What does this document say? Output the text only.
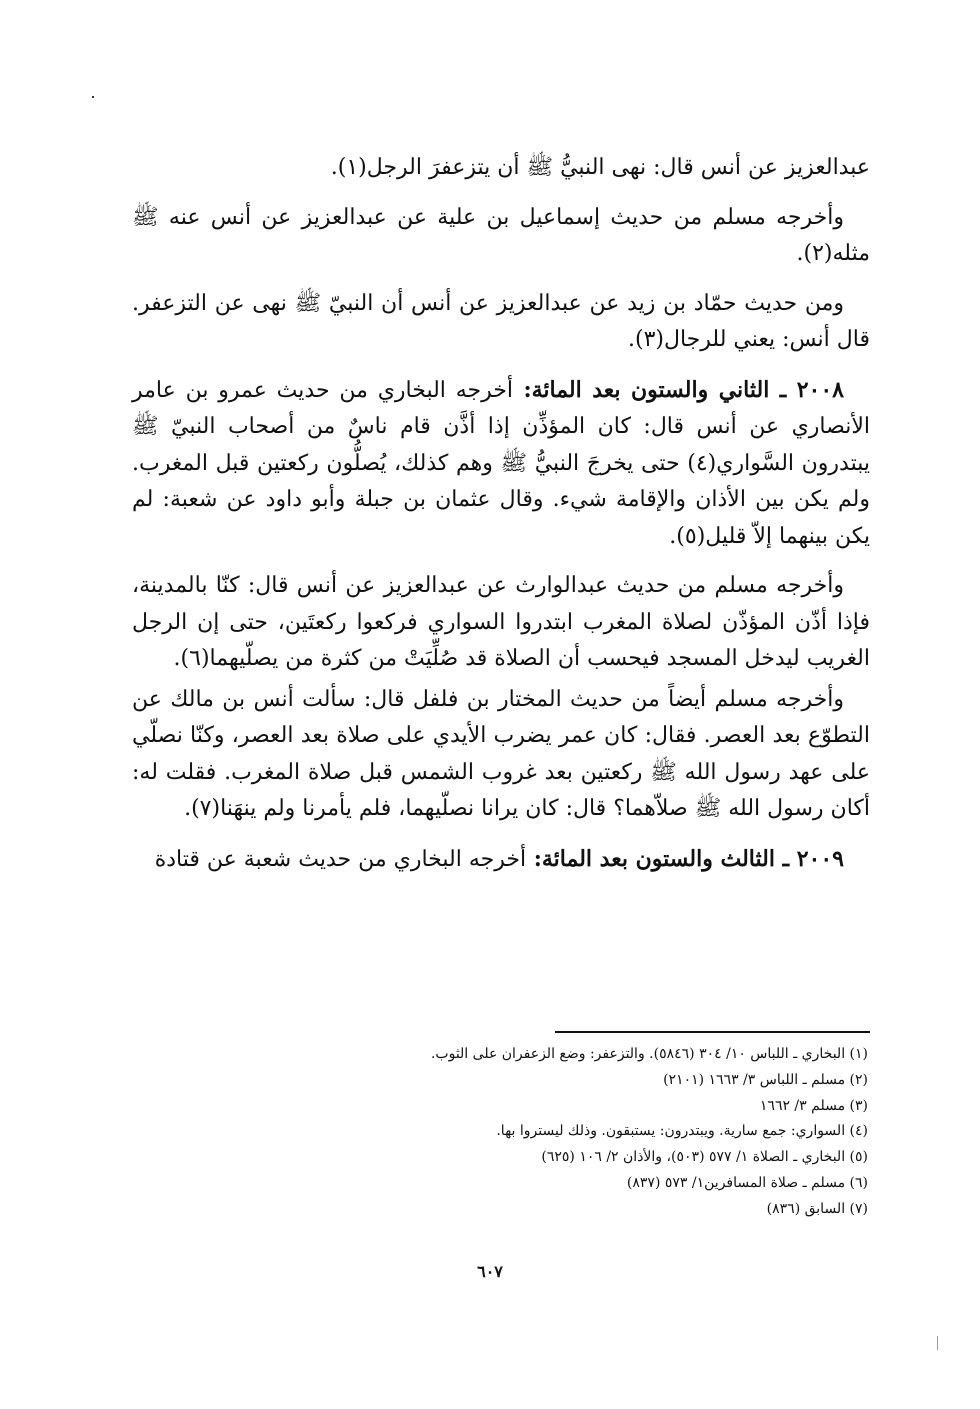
عبدالعزيز عن أنس قال: نهى النبيُّ ﷺ أن يتزعفرَ الرجل(١).

وأخرجه مسلم من حديث إسماعيل بن علية عن عبدالعزيز عن أنس عنه ﷺ مثله(٢).

ومن حديث حمّاد بن زيد عن عبدالعزيز عن أنس أن النبيّ ﷺ نهى عن التزعفر. قال أنس: يعني للرجال(٣).

٢٠٠٨ ـ الثاني والستون بعد المائة: أخرجه البخاري من حديث عمرو بن عامر الأنصاري عن أنس قال: كان المؤذِّن إذا أذَّن قام ناسٌ من أصحاب النبيّ ﷺ يبتدرون السَّواري(٤) حتى يخرجَ النبيُّ ﷺ وهم كذلك، يُصلُّون ركعتين قبل المغرب. ولم يكن بين الأذان والإقامة شيء. وقال عثمان بن جبلة وأبو داود عن شعبة: لم يكن بينهما إلاّ قليل(٥).

وأخرجه مسلم من حديث عبدالوارث عن عبدالعزيز عن أنس قال: كنّا بالمدينة، فإذا أذّن المؤذّن لصلاة المغرب ابتدروا السواري فركعوا ركعتَين، حتى إن الرجل الغريب ليدخل المسجد فيحسب أن الصلاة قد صُلِّيَتْ من كثرة من يصلّيهما(٦).

وأخرجه مسلم أيضاً من حديث المختار بن فلفل قال: سألت أنس بن مالك عن التطوّع بعد العصر. فقال: كان عمر يضرب الأيدي على صلاة بعد العصر، وكنّا نصلّي على عهد رسول الله ﷺ ركعتين بعد غروب الشمس قبل صلاة المغرب. فقلت له: أكان رسول الله ﷺ صلاّهما؟ قال: كان يرانا نصلّيهما، فلم يأمرنا ولم ينهَنا(٧).

٢٠٠٩ ـ الثالث والستون بعد المائة: أخرجه البخاري من حديث شعبة عن قتادة

(١) البخاري ـ اللباس ١٠/ ٣٠٤ (٥٨٤٦). والتزعفر: وضع الزعفران على الثوب.
(٢) مسلم ـ اللباس ٣/ ١٦٦٣ (٢١٠١)
(٣) مسلم ٣/ ١٦٦٢
(٤) السواري: جمع سارية. ويبتدرون: يستبقون. وذلك ليستروا بها.
(٥) البخاري ـ الصلاة ١/ ٥٧٧ (٥٠٣)، والأذان ٢/ ١٠٦ (٦٢٥)
(٦) مسلم ـ صلاة المسافرين١/ ٥٧٣ (٨٣٧)
(٧) السابق (٨٣٦)
٦٠٧
